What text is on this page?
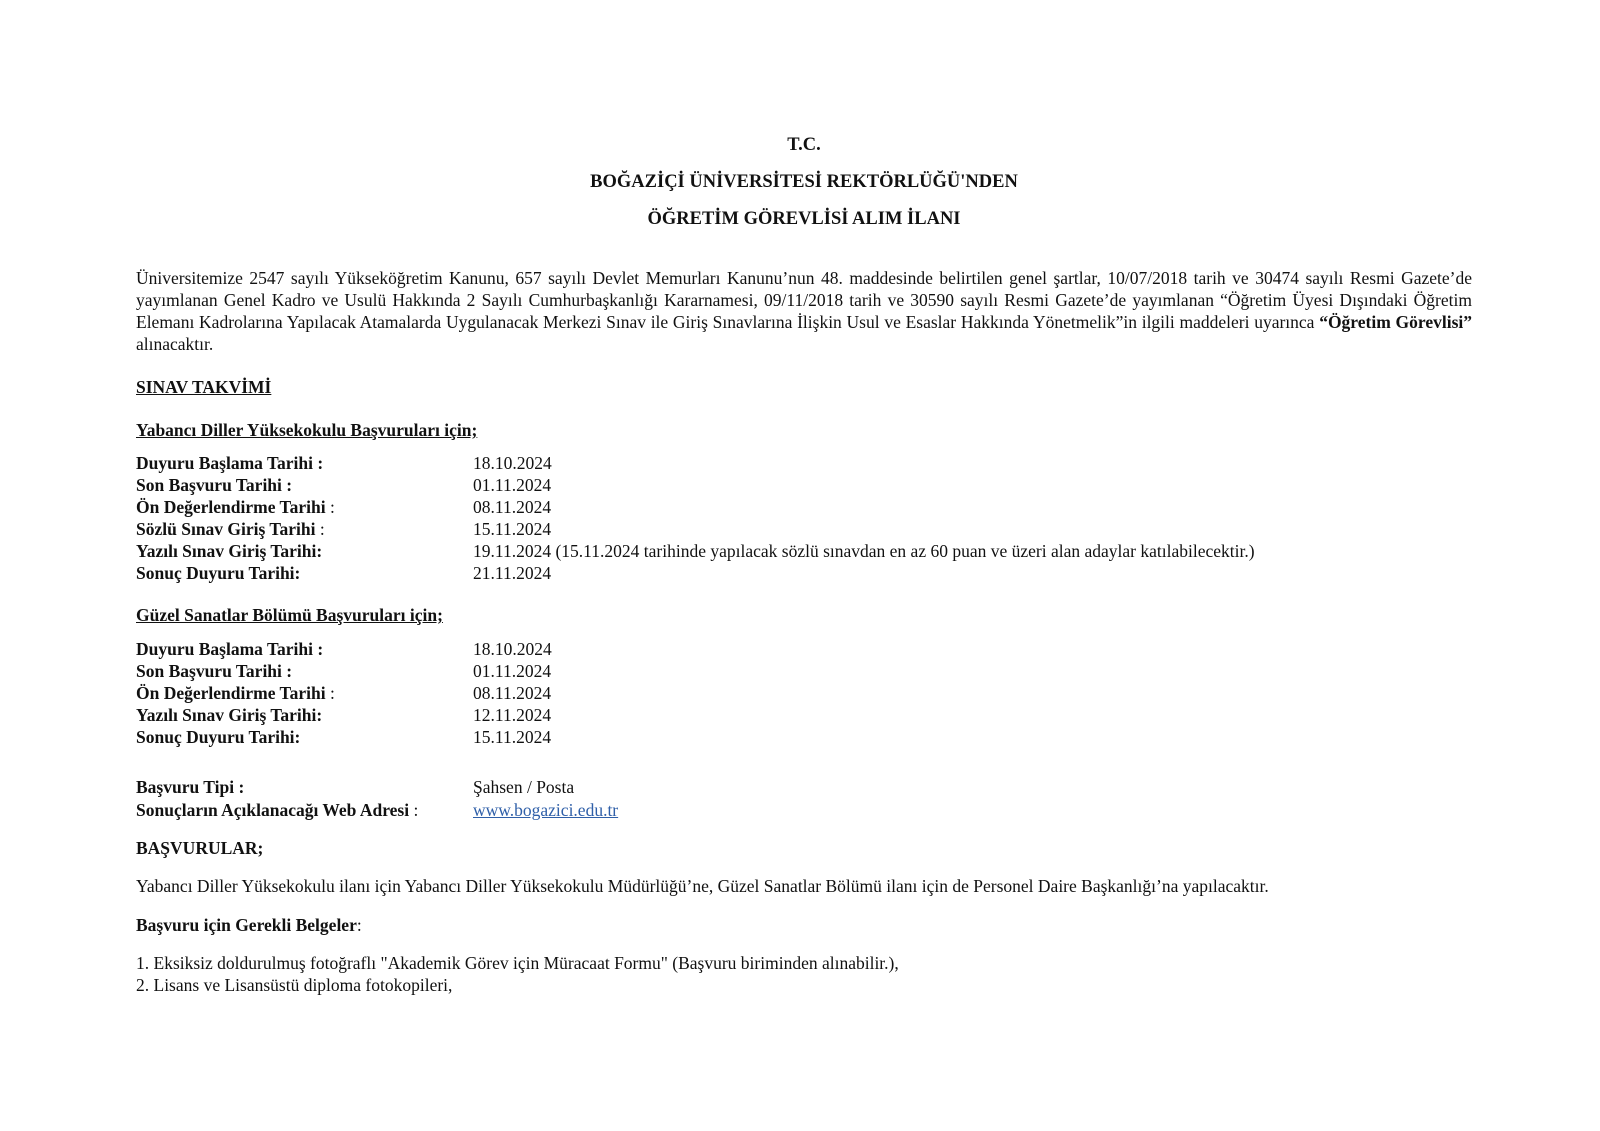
T.C.
BOĞAZİÇİ ÜNİVERSİTESİ REKTÖRLÜĞÜ'NDEN
ÖĞRETİM GÖREVLİSİ ALIM İLANI
Üniversitemize 2547 sayılı Yükseköğretim Kanunu, 657 sayılı Devlet Memurları Kanunu’nun 48. maddesinde belirtilen genel şartlar, 10/07/2018 tarih ve 30474 sayılı Resmi Gazete’de yayımlanan Genel Kadro ve Usulü Hakkında 2 Sayılı Cumhurbaşkanlığı Kararnamesi, 09/11/2018 tarih ve 30590 sayılı Resmi Gazete’de yayımlanan “Öğretim Üyesi Dışındaki Öğretim Elemanı Kadrolarına Yapılacak Atamalarda Uygulanacak Merkezi Sınav ile Giriş Sınavlarına İlişkin Usul ve Esaslar Hakkında Yönetmelik”in ilgili maddeleri uyarınca “Öğretim Görevlisi” alınacaktır.
SINAV TAKVİMİ
Yabancı Diller Yüksekokulu Başvuruları için;
Duyuru Başlama Tarihi :	18.10.2024
Son Başvuru Tarihi :	01.11.2024
Ön Değerlendirme Tarihi :	08.11.2024
Sözlü Sınav Giriş Tarihi :	15.11.2024
Yazılı Sınav Giriş Tarihi:	19.11.2024 (15.11.2024 tarihinde yapılacak sözlü sınavdan en az 60 puan ve üzeri alan adaylar katılabilecektir.)
Sonuç Duyuru Tarihi:	21.11.2024
Güzel Sanatlar Bölümü Başvuruları için;
Duyuru Başlama Tarihi :	18.10.2024
Son Başvuru Tarihi :	01.11.2024
Ön Değerlendirme Tarihi :	08.11.2024
Yazılı Sınav Giriş Tarihi:	12.11.2024
Sonuç Duyuru Tarihi:	15.11.2024
Başvuru Tipi :	Şahsen / Posta
Sonuçların Açıklanacağı Web Adresi :	www.bogazici.edu.tr
BAŞVURULAR;
Yabancı Diller Yüksekokulu ilanı için Yabancı Diller Yüksekokulu Müdürlüğü’ne, Güzel Sanatlar Bölümü ilanı için de Personel Daire Başkanlığı’na yapılacaktır.
Başvuru için Gerekli Belgeler:
1. Eksiksiz doldurulmuş fotoğraflı "Akademik Görev için Müracaat Formu" (Başvuru biriminden alınabilir.),
2. Lisans ve Lisansüstü diploma fotokopileri,
